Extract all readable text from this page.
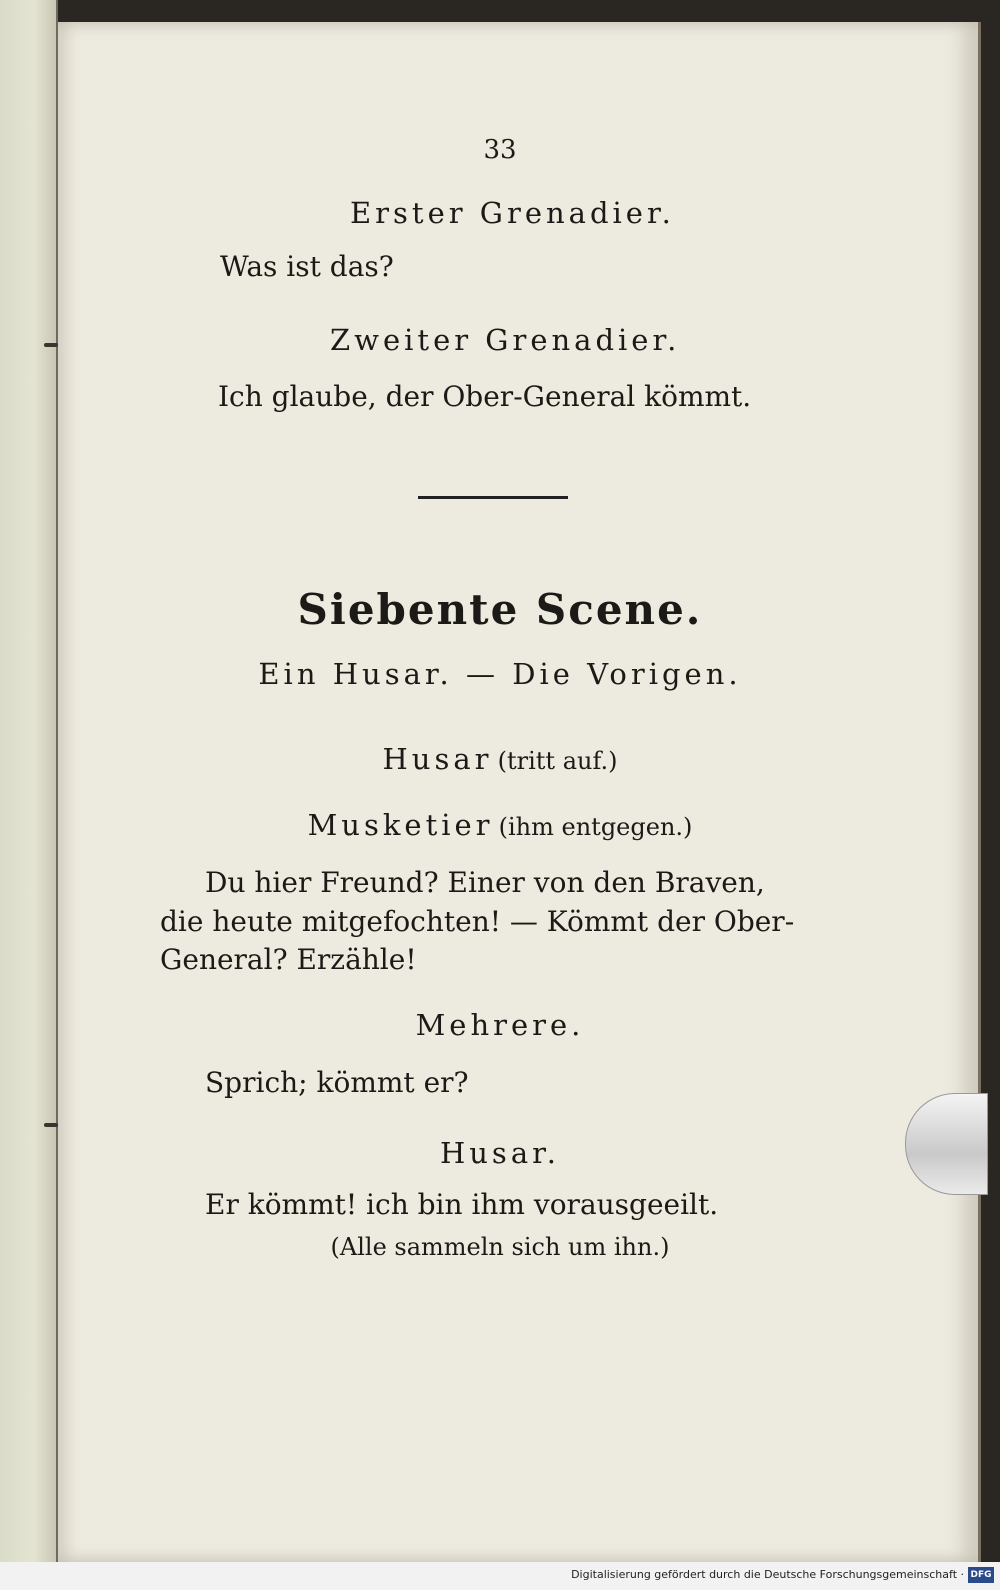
33
Erster Grenadier.
Was ist das?
Zweiter Grenadier.
Ich glaube, der Ober-General kömmt.
Siebente Scene.
Ein Husar. — Die Vorigen.
Husar (tritt auf.)
Musketier (ihm entgegen.)
Du hier Freund? Einer von den Braven,
die heute mitgefochten! — Kömmt der Ober-
General? Erzähle!
Mehrere.
Sprich; kömmt er?
Husar.
Er kömmt! ich bin ihm vorausgeeilt.
(Alle sammeln sich um ihn.)
Digitalisierung gefördert durch die Deutsche Forschungsgemeinschaft · DFG
